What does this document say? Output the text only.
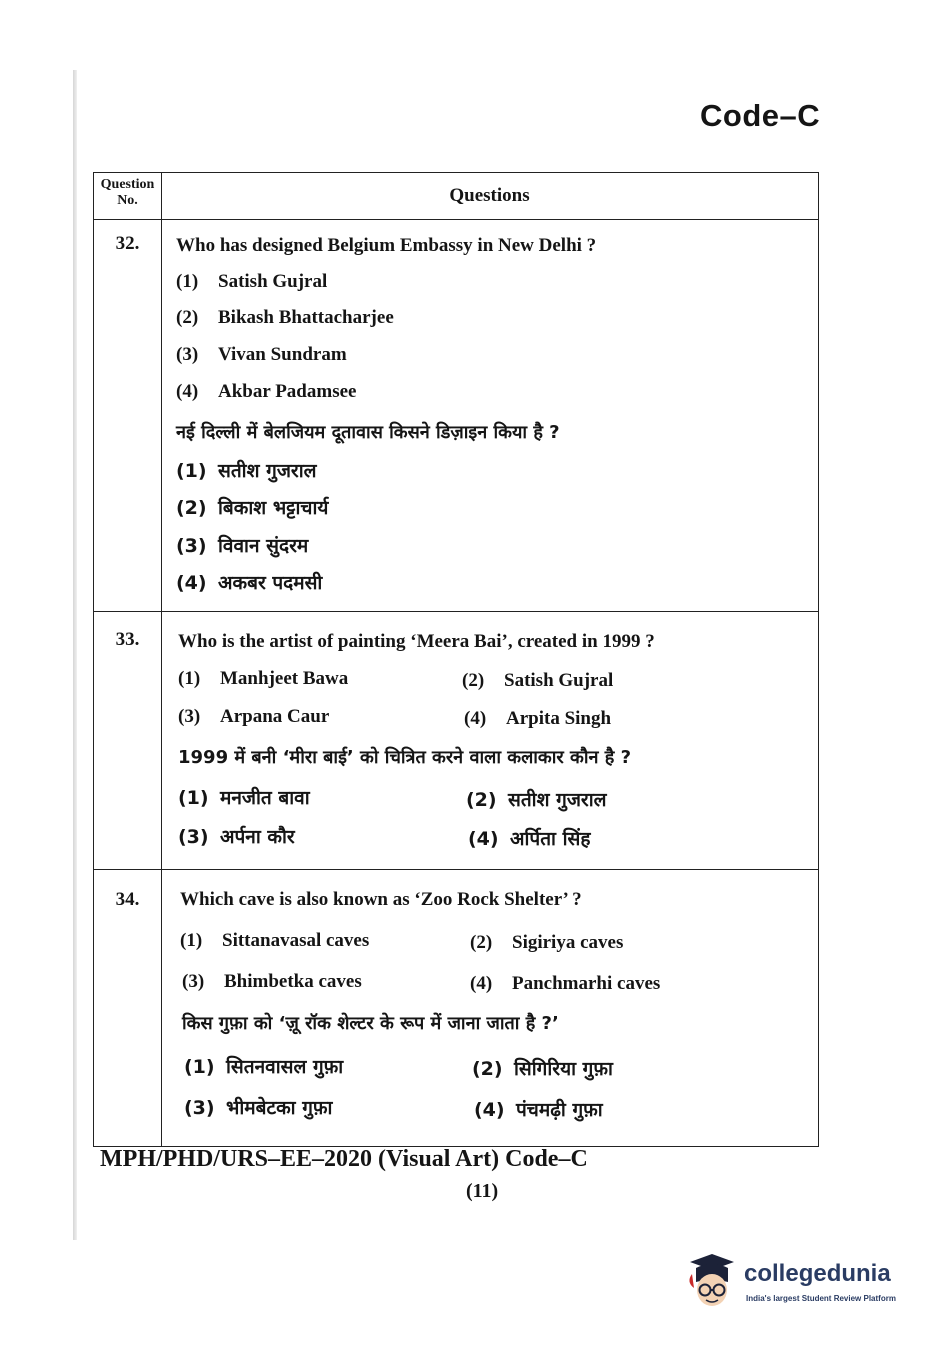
Code–C
Question No.	Questions
32.	Who has designed Belgium Embassy in New Delhi ?
(1) Satish Gujral
(2) Bikash Bhattacharjee
(3) Vivan Sundram
(4) Akbar Padamsee
नई दिल्ली में बेलजियम दूतावास किसने डिज़ाइन किया है ?
(1) सतीश गुजराल
(2) बिकाश भट्टाचार्य
(3) विवान सुंदरम
(4) अकबर पदमसी
33.	Who is the artist of painting ‘Meera Bai’, created in 1999 ?
(1) Manhjeet Bawa	(2) Satish Gujral
(3) Arpana Caur	(4) Arpita Singh
1999 में बनी ‘मीरा बाई’ को चित्रित करने वाला कलाकार कौन है ?
(1) मनजीत बावा	(2) सतीश गुजराल
(3) अर्पना कौर	(4) अर्पिता सिंह
34.	Which cave is also known as ‘Zoo Rock Shelter’ ?
(1) Sittanavasal caves	(2) Sigiriya caves
(3) Bhimbetka caves	(4) Panchmarhi caves
किस गुफ़ा को ‘ज़ू रॉक शेल्टर के रूप में जाना जाता है ?’
(1) सितनवासल गुफ़ा	(2) सिगिरिया गुफ़ा
(3) भीमबेटका गुफ़ा	(4) पंचमढ़ी गुफ़ा
MPH/PHD/URS–EE–2020 (Visual Art) Code–C
(11)
collegedunia
India's largest Student Review Platform
